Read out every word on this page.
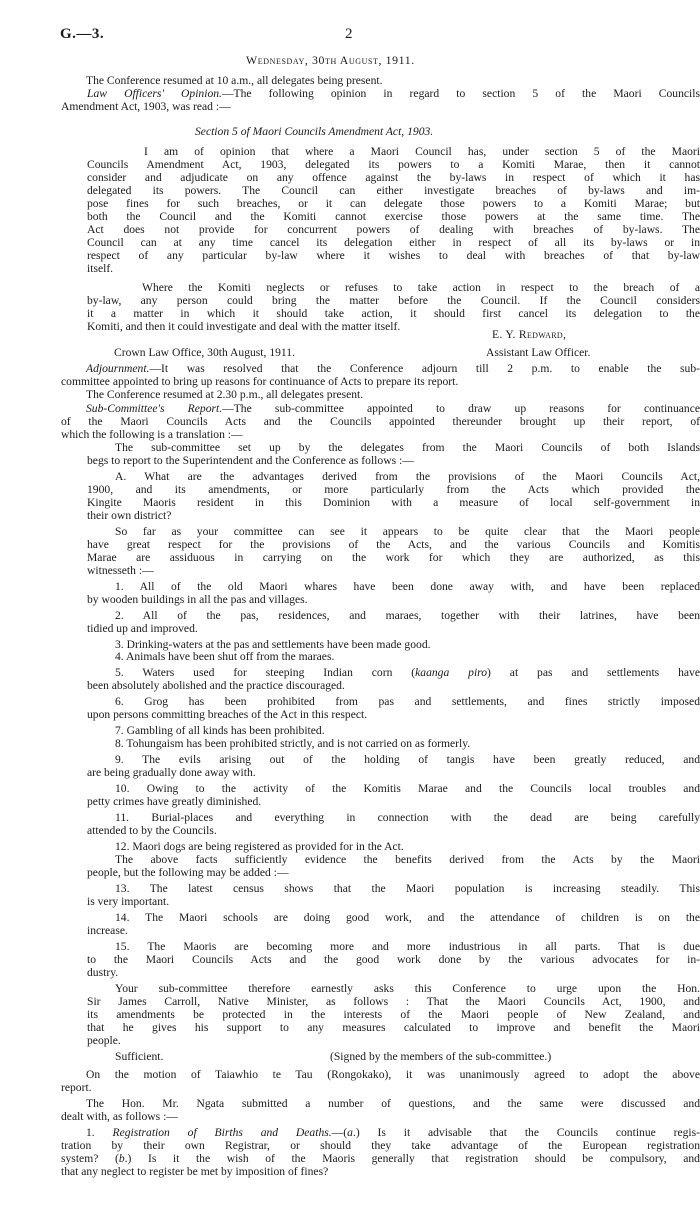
G.—3.	2
Wednesday, 30th August, 1911.
The Conference resumed at 10 a.m., all delegates being present.
Law Officers' Opinion.—The following opinion in regard to section 5 of the Maori Councils
Amendment Act, 1903, was read :—
Section 5 of Maori Councils Amendment Act, 1903.
I am of opinion that where a Maori Council has, under section 5 of the Maori
Councils Amendment Act, 1903, delegated its powers to a Komiti Marae, then it cannot
consider and adjudicate on any offence against the by-laws in respect of which it has
delegated its powers. The Council can either investigate breaches of by-laws and im-
pose fines for such breaches, or it can delegate those powers to a Komiti Marae; but
both the Council and the Komiti cannot exercise those powers at the same time. The
Act does not provide for concurrent powers of dealing with breaches of by-laws. The
Council can at any time cancel its delegation either in respect of all its by-laws or in
respect of any particular by-law where it wishes to deal with breaches of that by-law
itself.
Where the Komiti neglects or refuses to take action in respect to the breach of a
by-law, any person could bring the matter before the Council. If the Council considers
it a matter in which it should take action, it should first cancel its delegation to the
Komiti, and then it could investigate and deal with the matter itself.
E. Y. Redward,
Crown Law Office, 30th August, 1911.	Assistant Law Officer.
Adjournment.—It was resolved that the Conference adjourn till 2 p.m. to enable the sub-
committee appointed to bring up reasons for continuance of Acts to prepare its report.
The Conference resumed at 2.30 p.m., all delegates present.
Sub-Committee's Report.—The sub-committee appointed to draw up reasons for continuance
of the Maori Councils Acts and the Councils appointed thereunder brought up their report, of
which the following is a translation :—
The sub-committee set up by the delegates from the Maori Councils of both Islands
begs to report to the Superintendent and the Conference as follows :—
A. What are the advantages derived from the provisions of the Maori Councils Act,
1900, and its amendments, or more particularly from the Acts which provided the
Kingite Maoris resident in this Dominion with a measure of local self-government in
their own district?
So far as your committee can see it appears to be quite clear that the Maori people
have great respect for the provisions of the Acts, and the various Councils and Komitis
Marae are assiduous in carrying on the work for which they are authorized, as this
witnesseth :—
1. All of the old Maori whares have been done away with, and have been replaced
by wooden buildings in all the pas and villages.
2. All of the pas, residences, and maraes, together with their latrines, have been
tidied up and improved.
3. Drinking-waters at the pas and settlements have been made good.
4. Animals have been shut off from the maraes.
5. Waters used for steeping Indian corn (kaanga piro) at pas and settlements have
been absolutely abolished and the practice discouraged.
6. Grog has been prohibited from pas and settlements, and fines strictly imposed
upon persons committing breaches of the Act in this respect.
7. Gambling of all kinds has been prohibited.
8. Tohungaism has been prohibited strictly, and is not carried on as formerly.
9. The evils arising out of the holding of tangis have been greatly reduced, and
are being gradually done away with.
10. Owing to the activity of the Komitis Marae and the Councils local troubles and
petty crimes have greatly diminished.
11. Burial-places and everything in connection with the dead are being carefully
attended to by the Councils.
12. Maori dogs are being registered as provided for in the Act.
The above facts sufficiently evidence the benefits derived from the Acts by the Maori
people, but the following may be added :—
13. The latest census shows that the Maori population is increasing steadily. This
is very important.
14. The Maori schools are doing good work, and the attendance of children is on the
increase.
15. The Maoris are becoming more and more industrious in all parts. That is due
to the Maori Councils Acts and the good work done by the various advocates for in-
dustry.
Your sub-committee therefore earnestly asks this Conference to urge upon the Hon.
Sir James Carroll, Native Minister, as follows : That the Maori Councils Act, 1900, and
its amendments be protected in the interests of the Maori people of New Zealand, and
that he gives his support to any measures calculated to improve and benefit the Maori
people.
Sufficient.	(Signed by the members of the sub-committee.)
On the motion of Taiawhio te Tau (Rongokako), it was unanimously agreed to adopt the above
report.
The Hon. Mr. Ngata submitted a number of questions, and the same were discussed and
dealt with, as follows :—
1. Registration of Births and Deaths.—(a.) Is it advisable that the Councils continue regis-
tration by their own Registrar, or should they take advantage of the European registration
system? (b.) Is it the wish of the Maoris generally that registration should be compulsory, and
that any neglect to register be met by imposition of fines?
